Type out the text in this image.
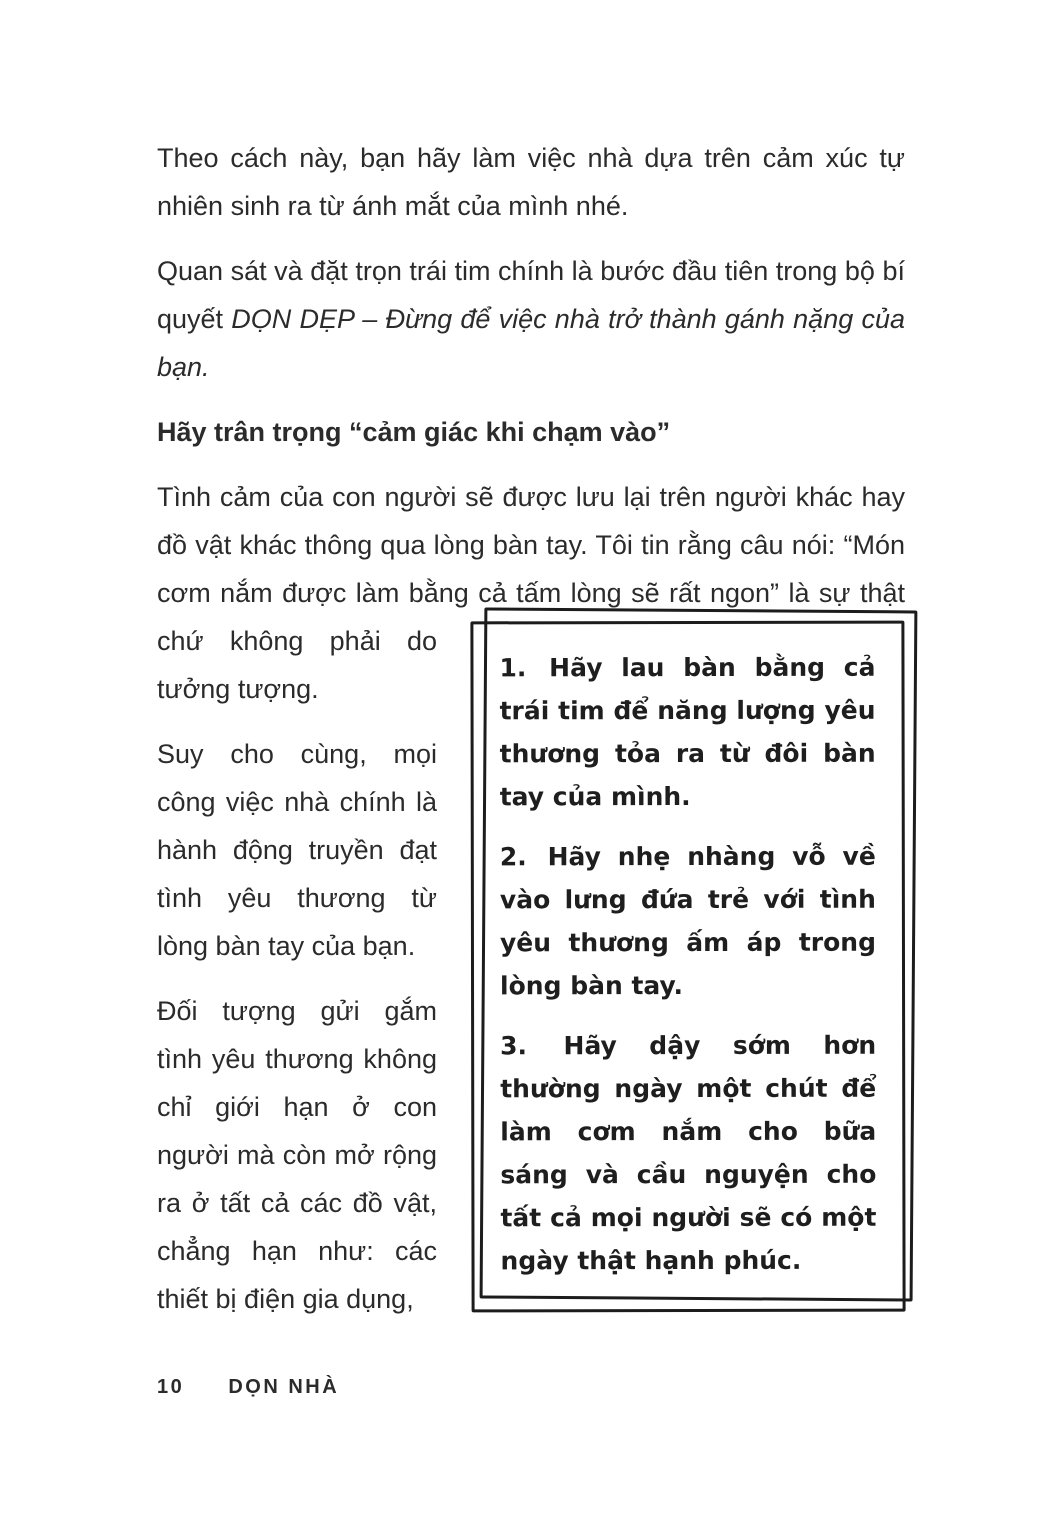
Theo cách này, bạn hãy làm việc nhà dựa trên cảm xúc tự nhiên sinh ra từ ánh mắt của mình nhé.

Quan sát và đặt trọn trái tim chính là bước đầu tiên trong bộ bí quyết DỌN DẸP – Đừng để việc nhà trở thành gánh nặng của bạn.

Hãy trân trọng “cảm giác khi chạm vào”

Tình cảm của con người sẽ được lưu lại trên người khác hay đồ vật khác thông qua lòng bàn tay. Tôi tin rằng câu nói: “Món cơm nắm được làm bằng cả tấm lòng sẽ rất ngon” là sự
1. Hãy lau bàn bằng cả trái tim để năng lượng yêu thương tỏa ra từ đôi bàn tay của mình.
2. Hãy nhẹ nhàng vỗ về vào lưng đứa trẻ với tình yêu thương ấm áp trong lòng bàn tay.
3. Hãy dậy sớm hơn thường ngày một chút để làm cơm nắm cho bữa sáng và cầu nguyện cho tất cả mọi người sẽ có một ngày thật hạnh phúc.
thật chứ không phải do tưởng tượng.

Suy cho cùng, mọi công việc nhà chính là hành động truyền đạt tình yêu thương từ lòng bàn tay của bạn.

Đối tượng gửi gắm tình yêu thương không chỉ giới hạn ở con người mà còn mở rộng ra ở tất cả các đồ vật, chẳng hạn như: các thiết bị điện gia dụng,

10 DỌN NHÀ
